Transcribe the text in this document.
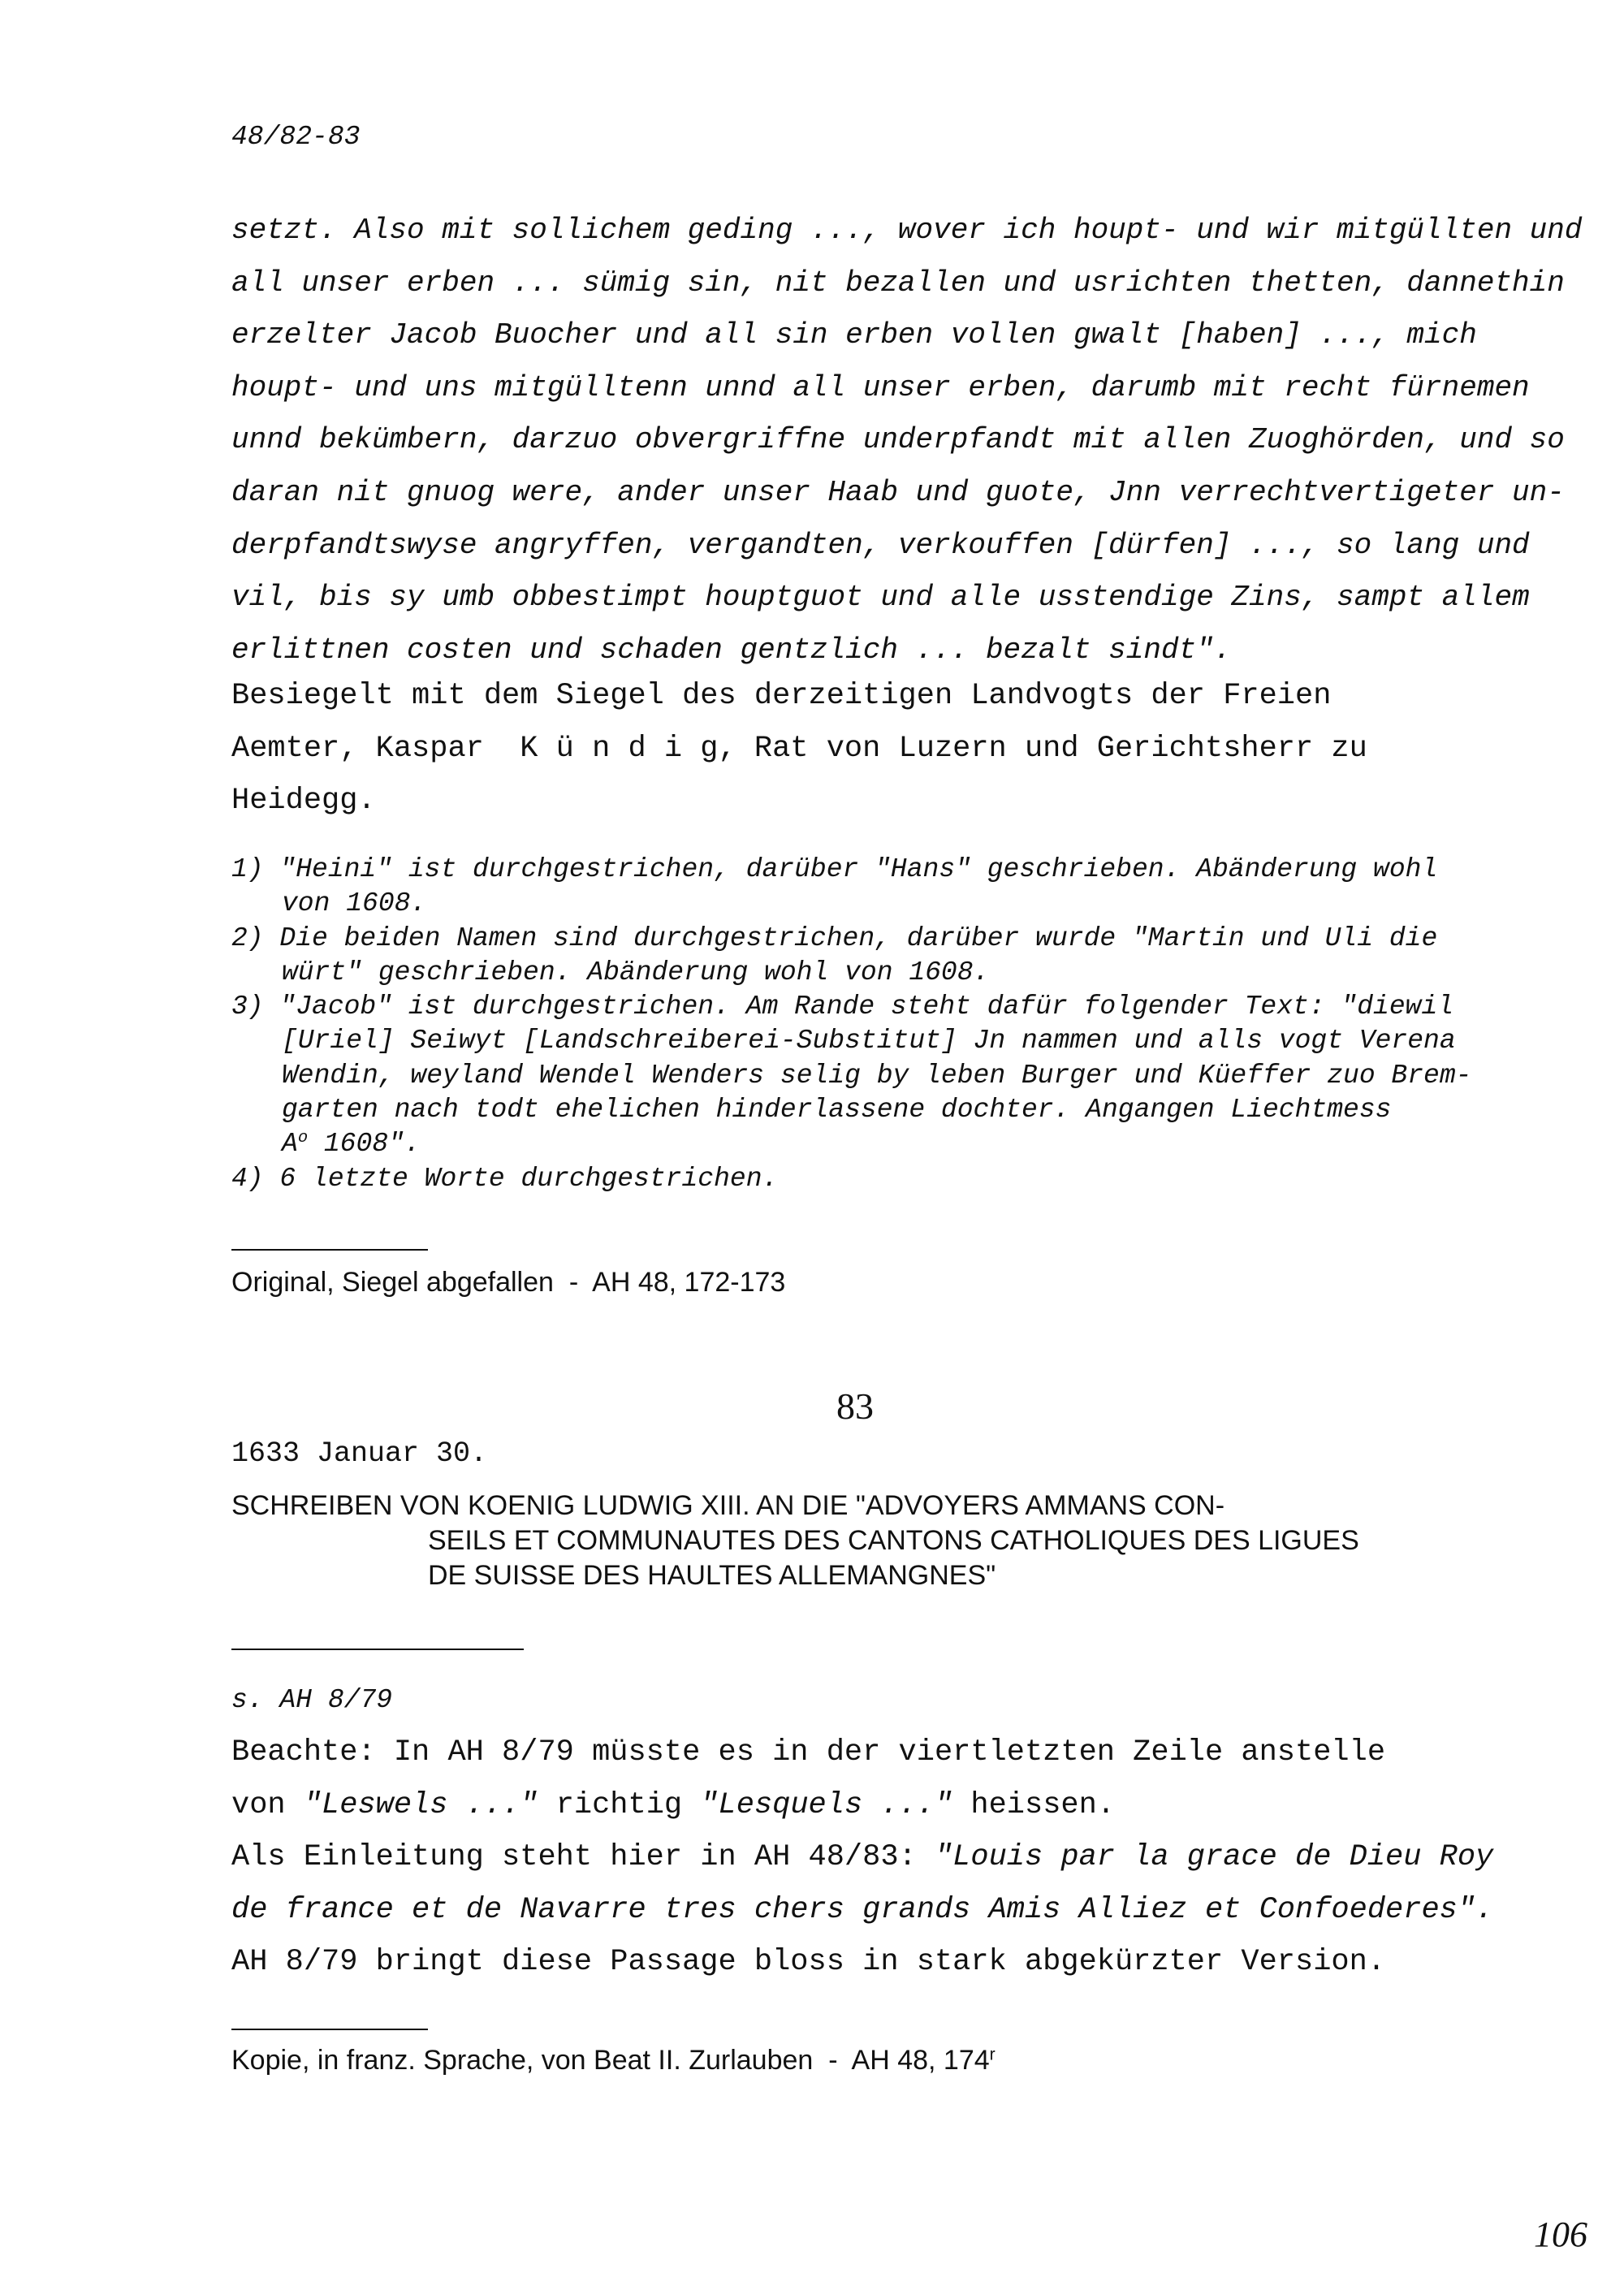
48/82-83
setzt. Also mit sollichem geding ..., wover ich houpt- und wir mitgüllten und
all unser erben ... sümig sin, nit bezallen und usrichten thetten, dannethin
erzelter Jacob Buocher und all sin erben vollen gwalt [haben] ..., mich
houpt- und uns mitgülltenn unnd all unser erben, darumb mit recht fürnemen
unnd bekümbern, darzuo obvergriffne underpfandt mit allen Zuoghörden, und so
daran nit gnuog were, ander unser Haab und guote, Jnn verrechtvertigeter un-
derpfandtswyse angryffen, vergandten, verkouffen [dürfen] ..., so lang und
vil, bis sy umb obbestimpt houptguot und alle usstendige Zins, sampt allem
erlittnen costen und schaden gentzlich ... bezalt sindt".
Besiegelt mit dem Siegel des derzeitigen Landvogts der Freien
Aemter, Kaspar  K ü n d i g, Rat von Luzern und Gerichtsherr zu
Heidegg.
1) "Heini" ist durchgestrichen, darüber "Hans" geschrieben. Abänderung wohl
von 1608.
2) Die beiden Namen sind durchgestrichen, darüber wurde "Martin und Uli die
würt" geschrieben. Abänderung wohl von 1608.
3) "Jacob" ist durchgestrichen. Am Rande steht dafür folgender Text: "diewil
[Uriel] Seiwyt [Landschreiberei-Substitut] Jn nammen und alls vogt Verena
Wendin, weyland Wendel Wenders selig by leben Burger und Küeffer zuo Brem-
garten nach todt ehelichen hinderlassene dochter. Angangen Liechtmess
$A^o$ 1608".
4) 6 letzte Worte durchgestrichen.
Original, Siegel abgefallen  -  AH 48, 172-173
83
1633 Januar 30.
SCHREIBEN VON KOENIG LUDWIG XIII. AN DIE "ADVOYERS AMMANS CON-
SEILS ET COMMUNAUTES DES CANTONS CATHOLIQUES DES LIGUES
DE SUISSE DES HAULTES ALLEMANGNES"
s. AH 8/79
Beachte: In AH 8/79 müsste es in der viertletzten Zeile anstelle
von "Leswels ..." richtig "Lesquels ..." heissen.
Als Einleitung steht hier in AH 48/83: "Louis par la grace de Dieu Roy
de france et de Navarre tres chers grands Amis Alliez et Confoederes".
AH 8/79 bringt diese Passage bloss in stark abgekürzter Version.
Kopie, in franz. Sprache, von Beat II. Zurlauben  -  AH 48, 174$^r$
106
